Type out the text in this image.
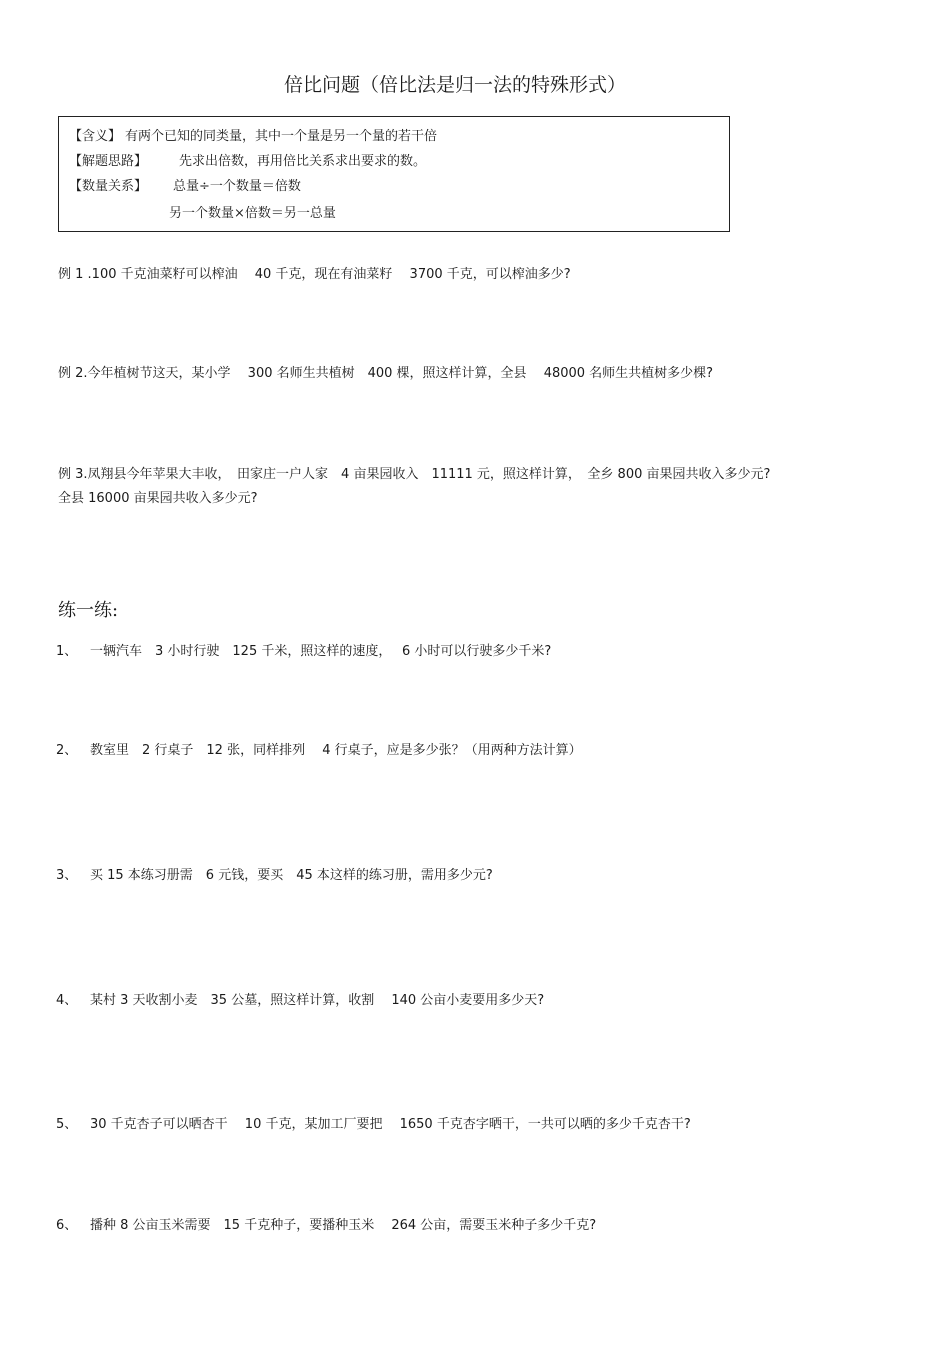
倍比问题（倍比法是归一法的特殊形式）
【含义】 有两个已知的同类量，其中一个量是另一个量的若干倍
【解题思路】 先求出倍数，再用倍比关系求出要求的数。
【数量关系】 总量÷一个数量＝倍数
另一个数量×倍数＝另一总量
例 1 .100 千克油菜籽可以榨油　 40 千克，现在有油菜籽　 3700 千克，可以榨油多少?
例 2.今年植树节这天，某小学　 300 名师生共植树　400 棵，照这样计算，全县　 48000 名师生共植树多少棵?
例 3.凤翔县今年苹果大丰收，　田家庄一户人家　4 亩果园收入　11111 元，照这样计算，　全乡 800 亩果园共收入多少元?
全县 16000 亩果园共收入多少元?
练一练:
1、 一辆汽车　3 小时行驶　125 千米，照这样的速度，　 6 小时可以行驶多少千米?
2、 教室里　2 行桌子　12 张，同样排列　 4 行桌子，应是多少张？（用两种方法计算）
3、 买 15 本练习册需　6 元钱，要买　45 本这样的练习册，需用多少元?
4、 某村 3 天收割小麦　35 公墓，照这样计算，收割　 140 公亩小麦要用多少天?
5、 30 千克杏子可以晒杏干　 10 千克，某加工厂要把　 1650 千克杏字晒干，一共可以晒的多少千克杏干?
6、 播种 8 公亩玉米需要　15 千克种子，要播种玉米　 264 公亩，需要玉米种子多少千克?
